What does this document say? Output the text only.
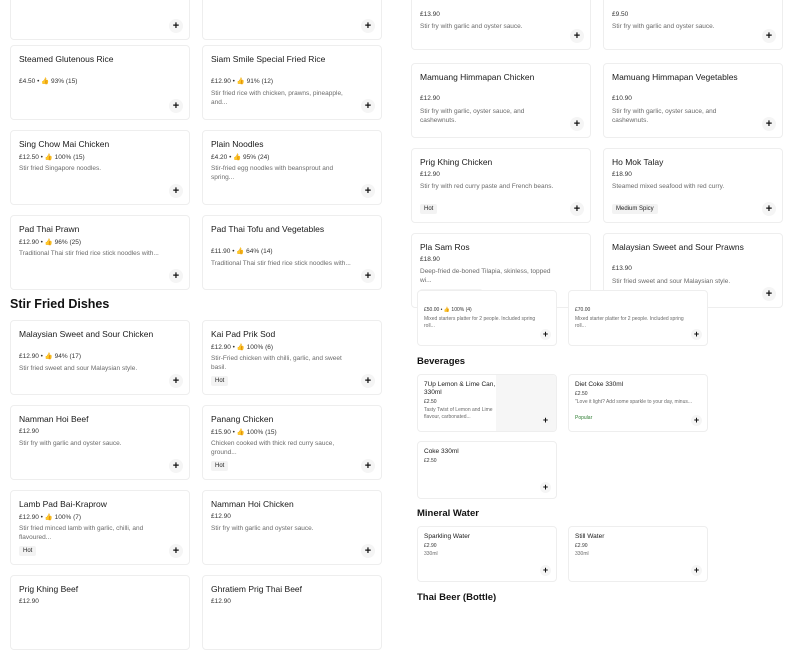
+	+
Steamed Glutenous Rice
£4.50 • 👍 93% (15)
+
Siam Smile Special Fried Rice
£12.90 • 👍 91% (12)
Stir fried rice with chicken, prawns, pineapple, and...	+
Sing Chow Mai Chicken
£12.50 • 👍 100% (15)
Stir fried Singapore noodles.
+
Plain Noodles
£4.20 • 👍 95% (24)
Stir-fried egg noodles with beansprout and spring...
+
Pad Thai Prawn
£12.90 • 👍 96% (25)
Traditional Thai stir fried rice stick noodles with...
+
Pad Thai Tofu and Vegetables
£11.90 • 👍 64% (14)
Traditional Thai stir fried rice stick noodles with...
+
Stir Fried Dishes
Malaysian Sweet and Sour Chicken
£12.90 • 👍 94% (17)
Stir fried sweet and sour Malaysian style.
+
Kai Pad Prik Sod
£12.90 • 👍 100% (6)
Stir-Fried chicken with chilli, garlic, and sweet basil.
Hot	+
Namman Hoi Beef
£12.90
Stir fry with garlic and oyster sauce.
+
Panang Chicken
£15.90 • 👍 100% (15)
Chicken cooked with thick red curry sauce, ground...
Hot	+
Lamb Pad Bai-Kraprow
£12.90 • 👍 100% (7)
Stir fried minced lamb with garlic, chilli, and flavoured...
Hot	+
Namman Hoi Chicken
£12.90
Stir fry with garlic and oyster sauce.
+
Prig Khing Beef
£12.90
Ghratiem Prig Thai Beef
£12.90
£13.90
Stir fry with garlic and oyster sauce.
+
£9.50
Stir fry with garlic and oyster sauce.
+
Mamuang Himmapan Chicken
£12.90
Stir fry with garlic, oyster sauce, and cashewnuts.	+
Mamuang Himmapan Vegetables
£10.90
Stir fry with garlic, oyster sauce, and cashewnuts.	+
Prig Khing Chicken
£12.90
Stir fry with red curry paste and French beans.
Hot	+
Ho Mok Talay
£18.90
Steamed mixed seafood with red curry.
Medium Spicy	+
Pla Sam Ros
£18.90
Deep-fried de-boned Tilapia, skinless, topped wi...
Malaysian Sweet and Sour Prawns
£13.90
Stir fried sweet and sour Malaysian style.
+
£50.00 • 👍 100% (4)
Mixed starters platter for 2 people. Included spring roll...
+
£70.00
Mixed starter platter for 2 people. Included spring roll...
+
Beverages
7Up Lemon & Lime Can, 330ml
£2.50
Tasty Twist of Lemon and Lime flavour, carbonated...	+
Diet Coke 330ml
£2.50
"Love it light? Add some sparkle to your day, minus...
Popular	+
Coke 330ml
£2.50
+
Mineral Water
Sparkling Water
£2.90
330ml
+
Still Water
£2.90
330ml
+
Thai Beer (Bottle)
